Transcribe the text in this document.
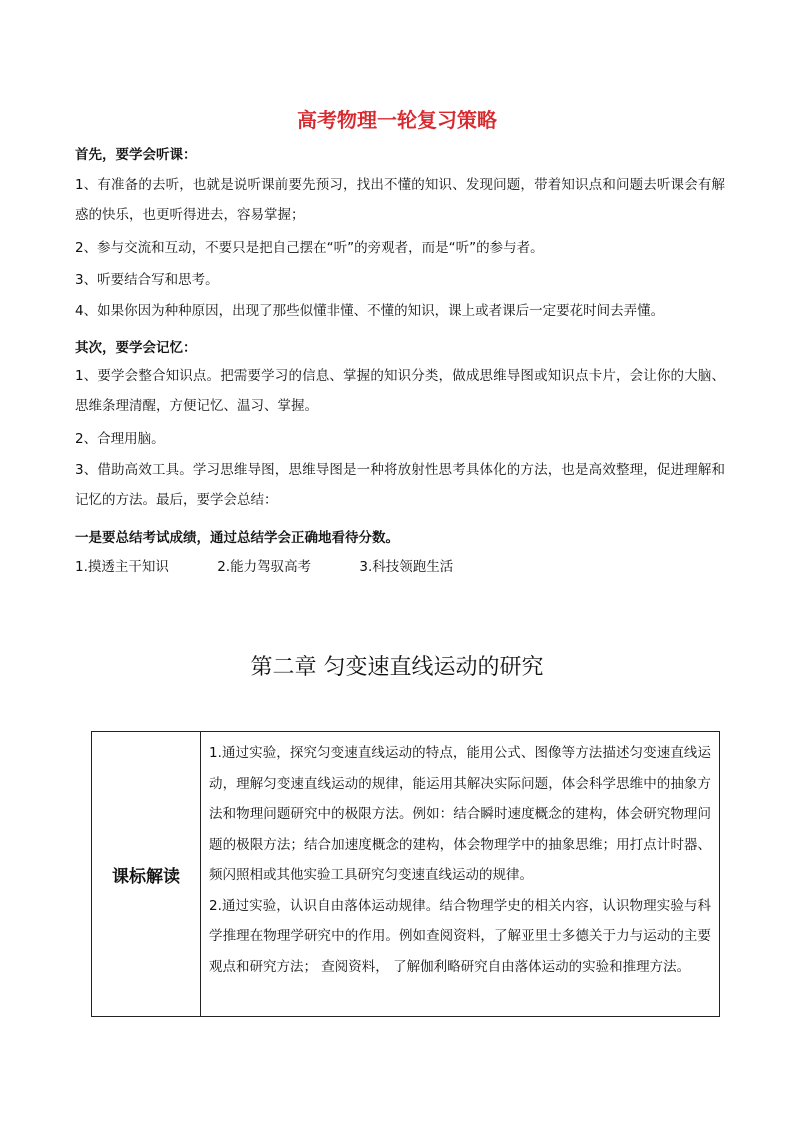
高考物理一轮复习策略
首先，要学会听课：
1、有准备的去听，也就是说听课前要先预习，找出不懂的知识、发现问题，带着知识点和问题去听课会有解惑的快乐，也更听得进去，容易掌握；
2、参与交流和互动，不要只是把自己摆在“听”的旁观者，而是“听”的参与者。
3、听要结合写和思考。
4、如果你因为种种原因，出现了那些似懂非懂、不懂的知识，课上或者课后一定要花时间去弄懂。
其次，要学会记忆：
1、要学会整合知识点。把需要学习的信息、掌握的知识分类，做成思维导图或知识点卡片，会让你的大脑、思维条理清醒，方便记忆、温习、掌握。
2、合理用脑。
3、借助高效工具。学习思维导图，思维导图是一种将放射性思考具体化的方法，也是高效整理，促进理解和记忆的方法。最后，要学会总结：
一是要总结考试成绩，通过总结学会正确地看待分数。
1.摸透主干知识	2.能力驾驭高考	3.科技领跑生活
第二章 匀变速直线运动的研究
课标解读

1.通过实验，探究匀变速直线运动的特点，能用公式、图像等方法描述匀变速直线运动，理解匀变速直线运动的规律，能运用其解决实际问题，体会科学思维中的抽象方法和物理问题研究中的极限方法。例如：结合瞬时速度概念的建构，体会研究物理问题的极限方法；结合加速度概念的建构，体会物理学中的抽象思维；用打点计时器、频闪照相或其他实验工具研究匀变速直线运动的规律。

2.通过实验，认识自由落体运动规律。结合物理学史的相关内容，认识物理实验与科学推理在物理学研究中的作用。例如查阅资料，了解亚里士多德关于力与运动的主要观点和研究方法； 查阅资料， 了解伽利略研究自由落体运动的实验和推理方法。
